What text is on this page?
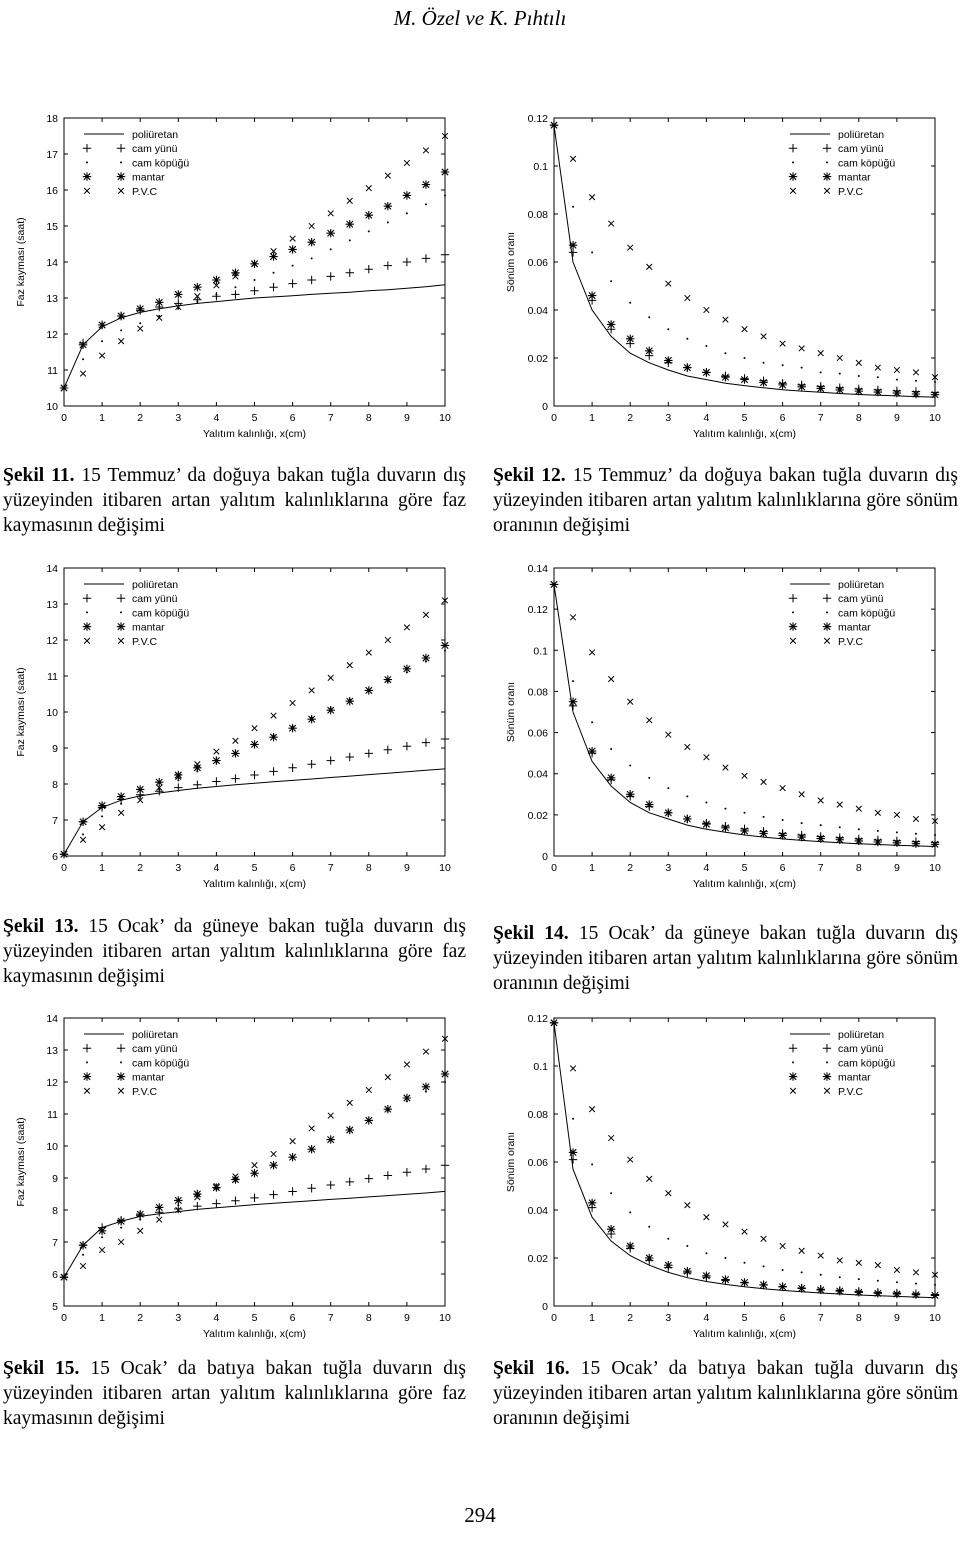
M. Özel ve K. Pıhtılı
0	1	2	3	4	5	6	7	8	9	10
10
11
12
13
14
15
16
17
18
Yalıtım kalınlığı, x(cm)
Faz kayması (saat)
poliüretan
cam yünü
cam köpüğü
mantar
P.V.C
0	1	2	3	4	5	6	7	8	9	10
0
0.02
0.04
0.06
0.08
0.1
0.12
Yalıtım kalınlığı, x(cm)
Sönüm oranı
poliüretan
cam yünü
cam köpüğü
mantar
P.V.C
0	1	2	3	4	5	6	7	8	9	10
6
7
8
9
10
11
12
13
14
Yalıtım kalınlığı, x(cm)
Faz kayması (saat)
poliüretan
cam yünü
cam köpüğü
mantar
P.V.C
0	1	2	3	4	5	6	7	8	9	10
0
0.02
0.04
0.06
0.08
0.1
0.12
0.14
Yalıtım kalınlığı, x(cm)
Sönüm oranı
poliüretan
cam yünü
cam köpüğü
mantar
P.V.C
0	1	2	3	4	5	6	7	8	9	10
5
6
7
8
9
10
11
12
13
14
Yalıtım kalınlığı, x(cm)
Faz kayması (saat)
poliüretan
cam yünü
cam köpüğü
mantar
P.V.C
0	1	2	3	4	5	6	7	8	9	10
0
0.02
0.04
0.06
0.08
0.1
0.12
Yalıtım kalınlığı, x(cm)
Sönüm oranı
poliüretan
cam yünü
cam köpüğü
mantar
P.V.C
Şekil 11. 15 Temmuz’ da doğuya bakan tuğla duvarın dış yüzeyinden itibaren artan yalıtım kalınlıklarına göre faz kaymasının değişimi
Şekil 12. 15 Temmuz’ da doğuya bakan tuğla duvarın dış yüzeyinden itibaren artan yalıtım kalınlıklarına göre sönüm oranının değişimi
Şekil 13. 15 Ocak’ da güneye bakan tuğla duvarın dış yüzeyinden itibaren artan yalıtım kalınlıklarına göre faz kaymasının değişimi
Şekil 14. 15 Ocak’ da güneye bakan tuğla duvarın dış yüzeyinden itibaren artan yalıtım kalınlıklarına göre sönüm oranının değişimi
Şekil 15. 15 Ocak’ da batıya bakan tuğla duvarın dış yüzeyinden itibaren artan yalıtım kalınlıklarına göre faz kaymasının değişimi
Şekil 16. 15 Ocak’ da batıya bakan tuğla duvarın dış yüzeyinden itibaren artan yalıtım kalınlıklarına göre sönüm oranının değişimi
294
